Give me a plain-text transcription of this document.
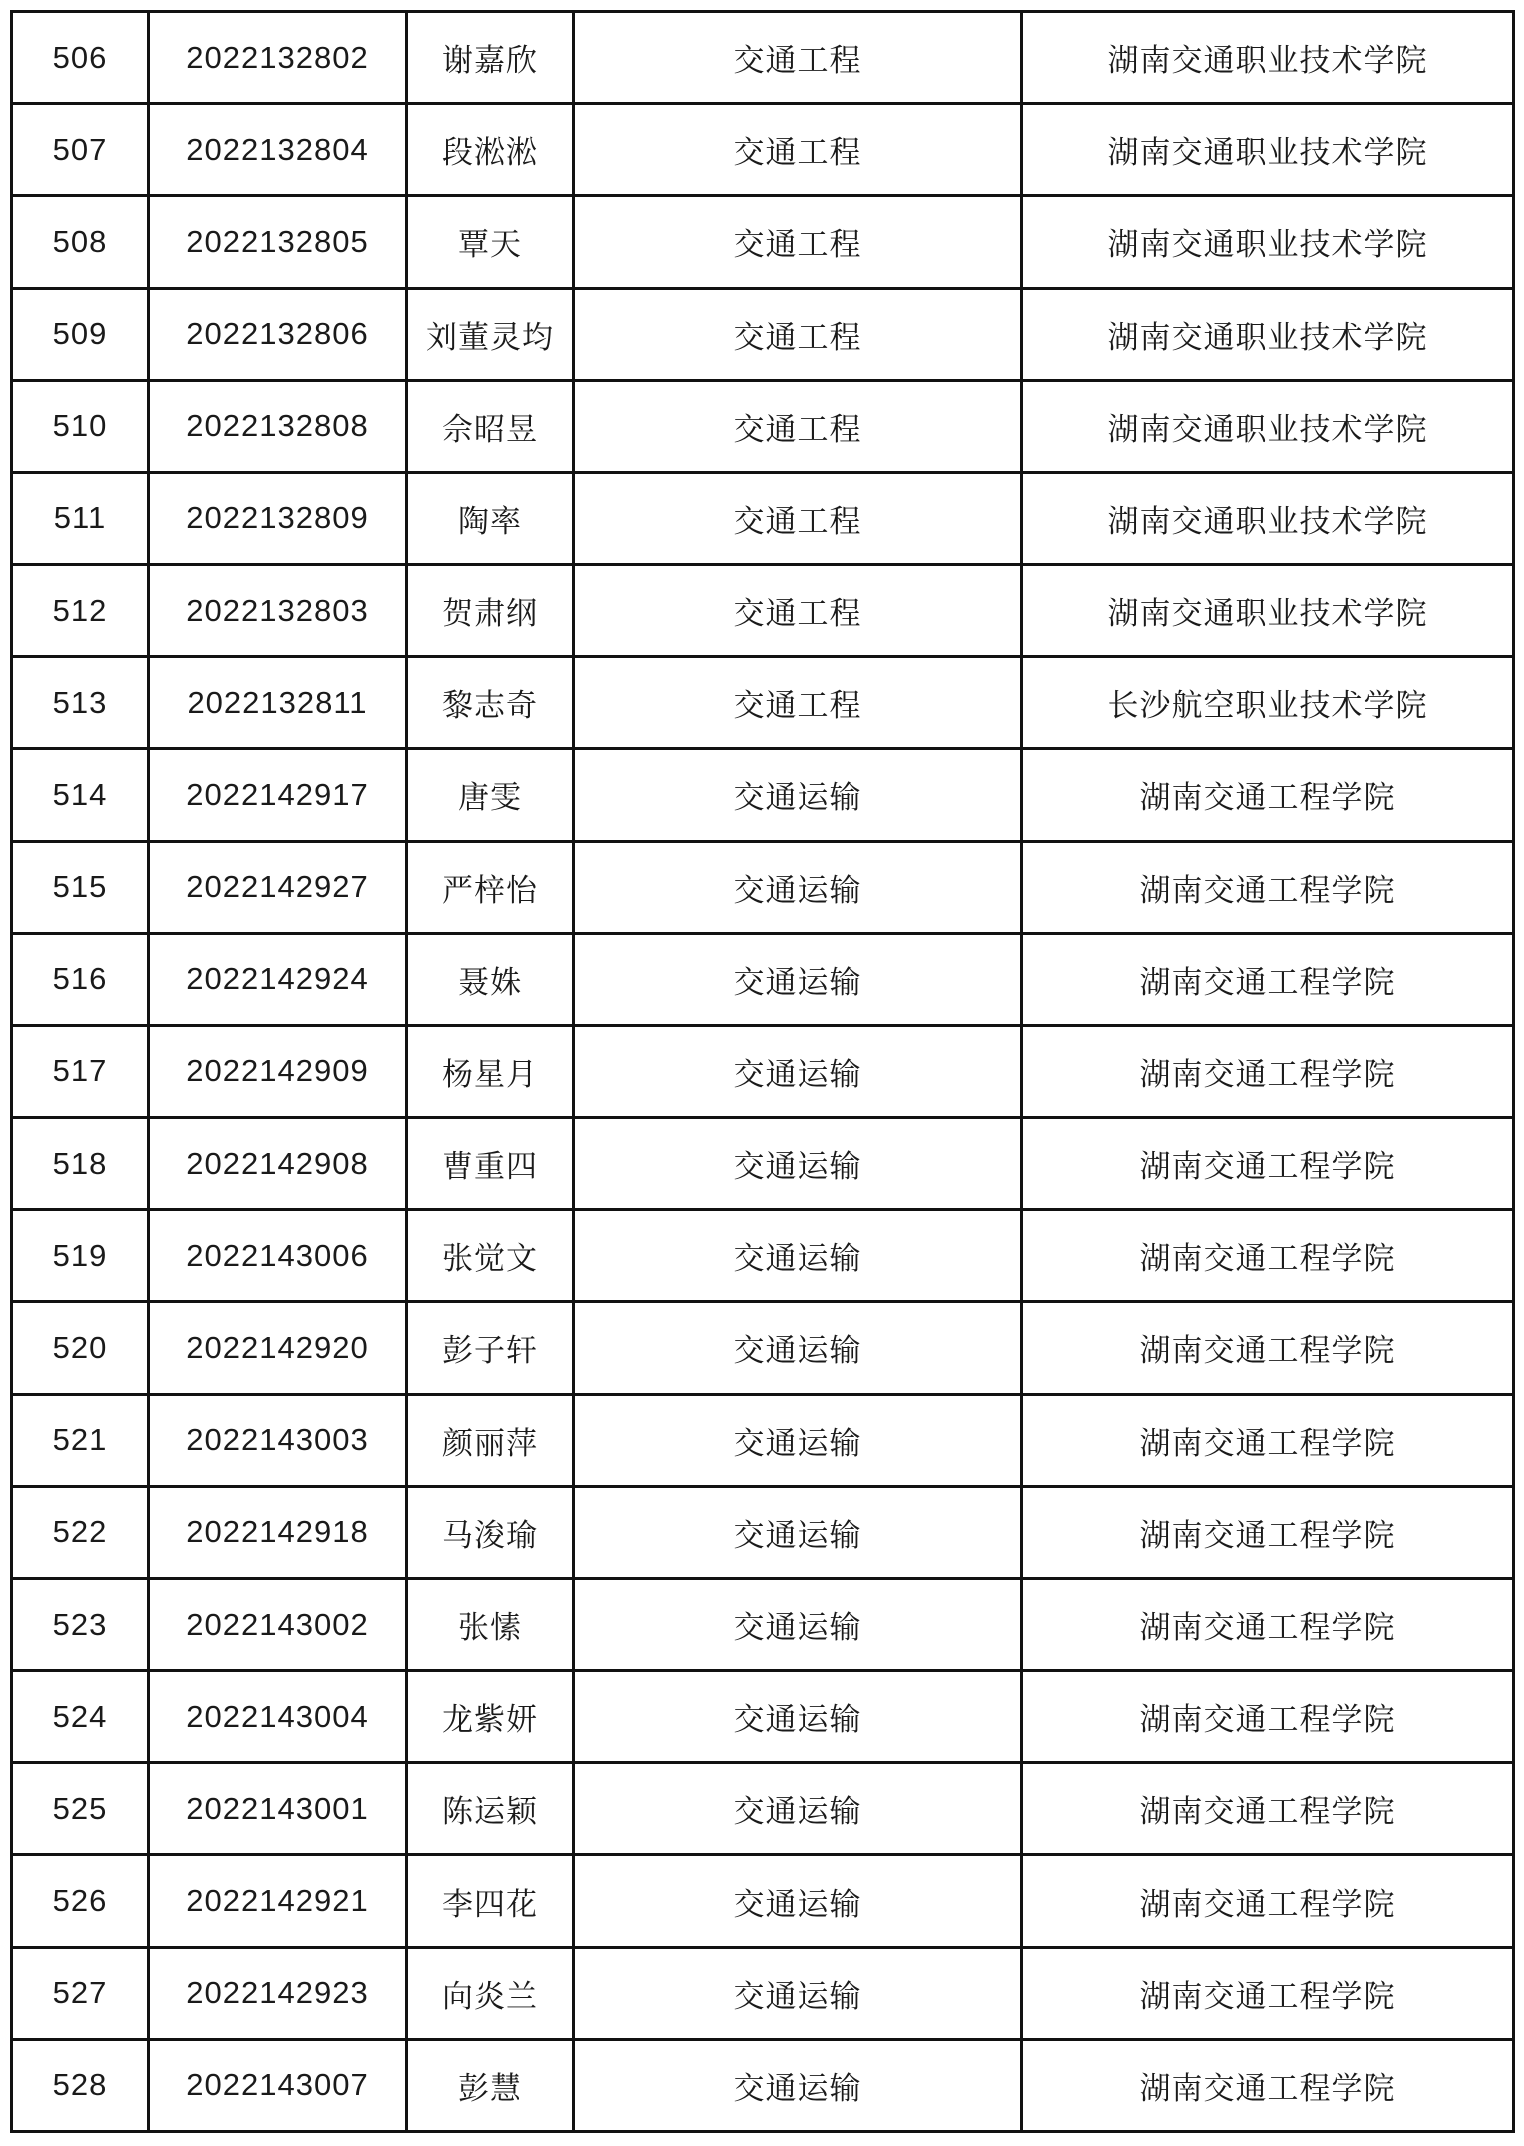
506	2022132802	谢嘉欣	交通工程	湖南交通职业技术学院
507	2022132804	段淞淞	交通工程	湖南交通职业技术学院
508	2022132805	覃天	交通工程	湖南交通职业技术学院
509	2022132806	刘董灵均	交通工程	湖南交通职业技术学院
510	2022132808	佘昭昱	交通工程	湖南交通职业技术学院
511	2022132809	陶率	交通工程	湖南交通职业技术学院
512	2022132803	贺肃纲	交通工程	湖南交通职业技术学院
513	2022132811	黎志奇	交通工程	长沙航空职业技术学院
514	2022142917	唐雯	交通运输	湖南交通工程学院
515	2022142927	严梓怡	交通运输	湖南交通工程学院
516	2022142924	聂姝	交通运输	湖南交通工程学院
517	2022142909	杨星月	交通运输	湖南交通工程学院
518	2022142908	曹重四	交通运输	湖南交通工程学院
519	2022143006	张觉文	交通运输	湖南交通工程学院
520	2022142920	彭子轩	交通运输	湖南交通工程学院
521	2022143003	颜丽萍	交通运输	湖南交通工程学院
522	2022142918	马浚瑜	交通运输	湖南交通工程学院
523	2022143002	张愫	交通运输	湖南交通工程学院
524	2022143004	龙紫妍	交通运输	湖南交通工程学院
525	2022143001	陈运颖	交通运输	湖南交通工程学院
526	2022142921	李四花	交通运输	湖南交通工程学院
527	2022142923	向炎兰	交通运输	湖南交通工程学院
528	2022143007	彭慧	交通运输	湖南交通工程学院
